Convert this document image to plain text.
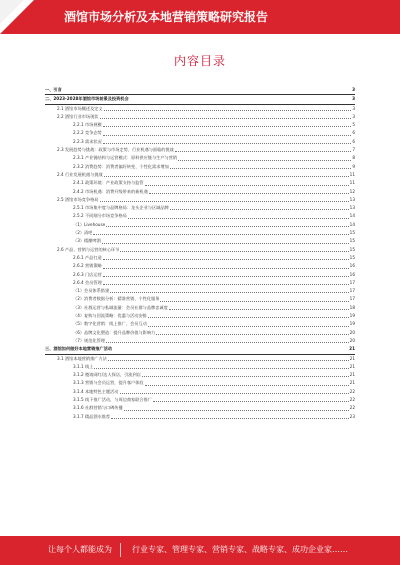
酒馆市场分析及本地营销策略研究报告
内容目录
一、引言	3
二、2023-2028年酒馆市场前景及投资机会	3
2.1 酒馆市场概述及定义	3
2.2 酒馆行业市场现状	3
2.2.1 市场规模	5
2.2.2 竞争态势	6
2.2.3 需求状况	6
2.3 发展趋势与挑战：政策与市场走势、行业机遇与面临的挑战	7
2.3.1 产业链结构与运营模式：原料供应链与生产与营销	8
2.3.2 消费趋势：消费者偏好转变、个性化需求增加	9
2.4 行业发展机遇与挑战	11
2.4.1 政策环境：产业政策支持与监管	11
2.4.2 市场机遇：消费升级带来的新机遇	12
2.5 酒馆市场竞争格局	13
2.5.1 市场集中度与品牌格局：龙头企业与区域品牌	13
2.5.2 不同细分市场竞争格局	14
（1）Livehouse	14
（2）清吧	15
（3）精酿啤酒	15
2.6 产品、营销与运营的核心环节	15
2.6.1 产品打造	15
2.6.2 营销策略	16
2.6.3 门店运营	16
2.6.4 会员管理	17
（1）会员体系搭建	17
（2）消费者数据分析：精准营销、个性化服务	17
（3）社群运营与私域流量：会员社群与品牌忠诚度	18
（4）复购与回流策略：优惠与活动安排	19
（5）数字化营销：线上推广、会员互动	19
（6）品牌文化塑造：提升品牌价值与影响力	20
（7）规范化管理	20
三、酒馆如何做好本地营销推广活动	21
3.1 酒馆本地营销推广方法	21
3.1.1 线上	21
3.1.2 邀请网红/达人探店，引流到店	21
3.1.3 营销与会员运营，提升客户体验	21
3.1.4 本地特色主题活动	22
3.1.5 线下推广活动，与周边商家联合推广	22
3.1.6 社群营销与口碑传播	22
3.1.7 精品酒水推荐	23
让每个人都能成为	行业专家、管理专家、营销专家、战略专家、成功企业家……
